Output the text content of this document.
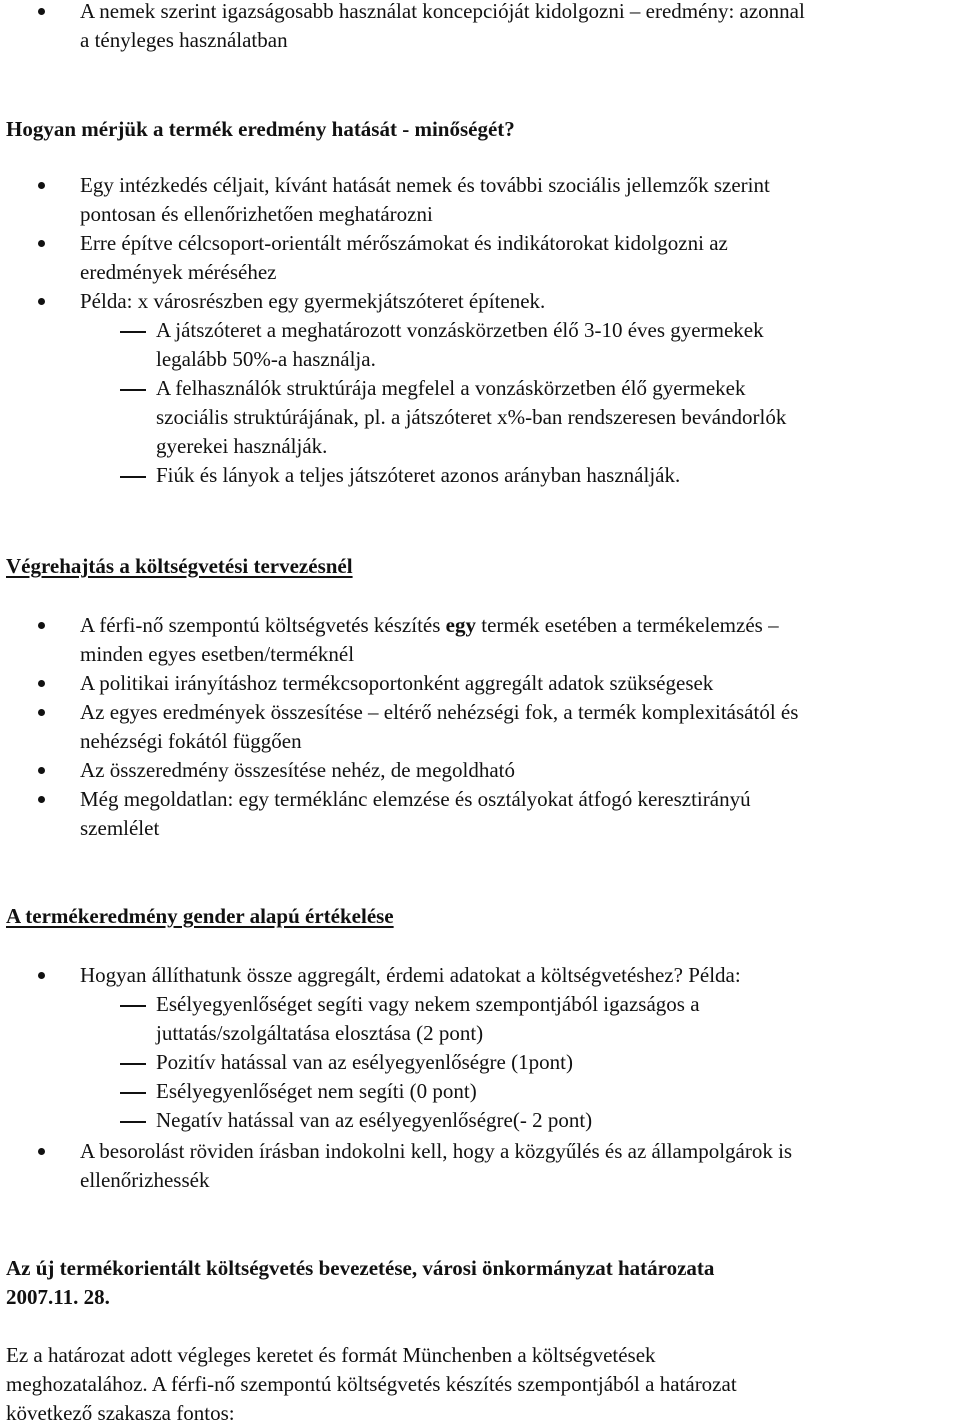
A nemek szerint igazságosabb használat koncepcióját kidolgozni – eredmény: azonnal
a tényleges használatban
Hogyan mérjük a termék eredmény hatását - minőségét?
Egy intézkedés céljait, kívánt hatását nemek és további szociális jellemzők szerint
pontosan és ellenőrizhetően meghatározni
Erre építve célcsoport-orientált mérőszámokat és indikátorokat kidolgozni az
eredmények méréséhez
Példa: x városrészben egy gyermekjátszóteret építenek.
A játszóteret a meghatározott vonzáskörzetben élő 3-10 éves gyermekek
legalább 50%-a használja.
A felhasználók struktúrája megfelel a vonzáskörzetben élő gyermekek
szociális struktúrájának, pl. a játszóteret x%-ban rendszeresen bevándorlók
gyerekei használják.
Fiúk és lányok a teljes játszóteret azonos arányban használják.
Végrehajtás a költségvetési tervezésnél
A férfi-nő szempontú költségvetés készítés egy termék esetében a termékelemzés –
minden egyes esetben/terméknél
A politikai irányításhoz termékcsoportonként aggregált adatok szükségesek
Az egyes eredmények összesítése – eltérő nehézségi fok, a termék komplexitásától és
nehézségi fokától függően
Az összeredmény összesítése nehéz, de megoldható
Még megoldatlan: egy terméklánc elemzése és osztályokat átfogó keresztirányú
szemlélet
A termékeredmény gender alapú értékelése
Hogyan állíthatunk össze aggregált, érdemi adatokat a költségvetéshez? Példa:
Esélyegyenlőséget segíti vagy nekem szempontjából igazságos a
juttatás/szolgáltatása elosztása (2 pont)
Pozitív hatással van az esélyegyenlőségre (1pont)
Esélyegyenlőséget nem segíti (0 pont)
Negatív hatással van az esélyegyenlőségre(- 2 pont)
A besorolást röviden írásban indokolni kell, hogy a közgyűlés és az állampolgárok is
ellenőrizhessék
Az új termékorientált költségvetés bevezetése, városi önkormányzat határozata
2007.11. 28.
Ez a határozat adott végleges keretet és formát Münchenben a költségvetések
meghozatalához. A férfi-nő szempontú költségvetés készítés szempontjából a határozat
következő szakasza fontos:
